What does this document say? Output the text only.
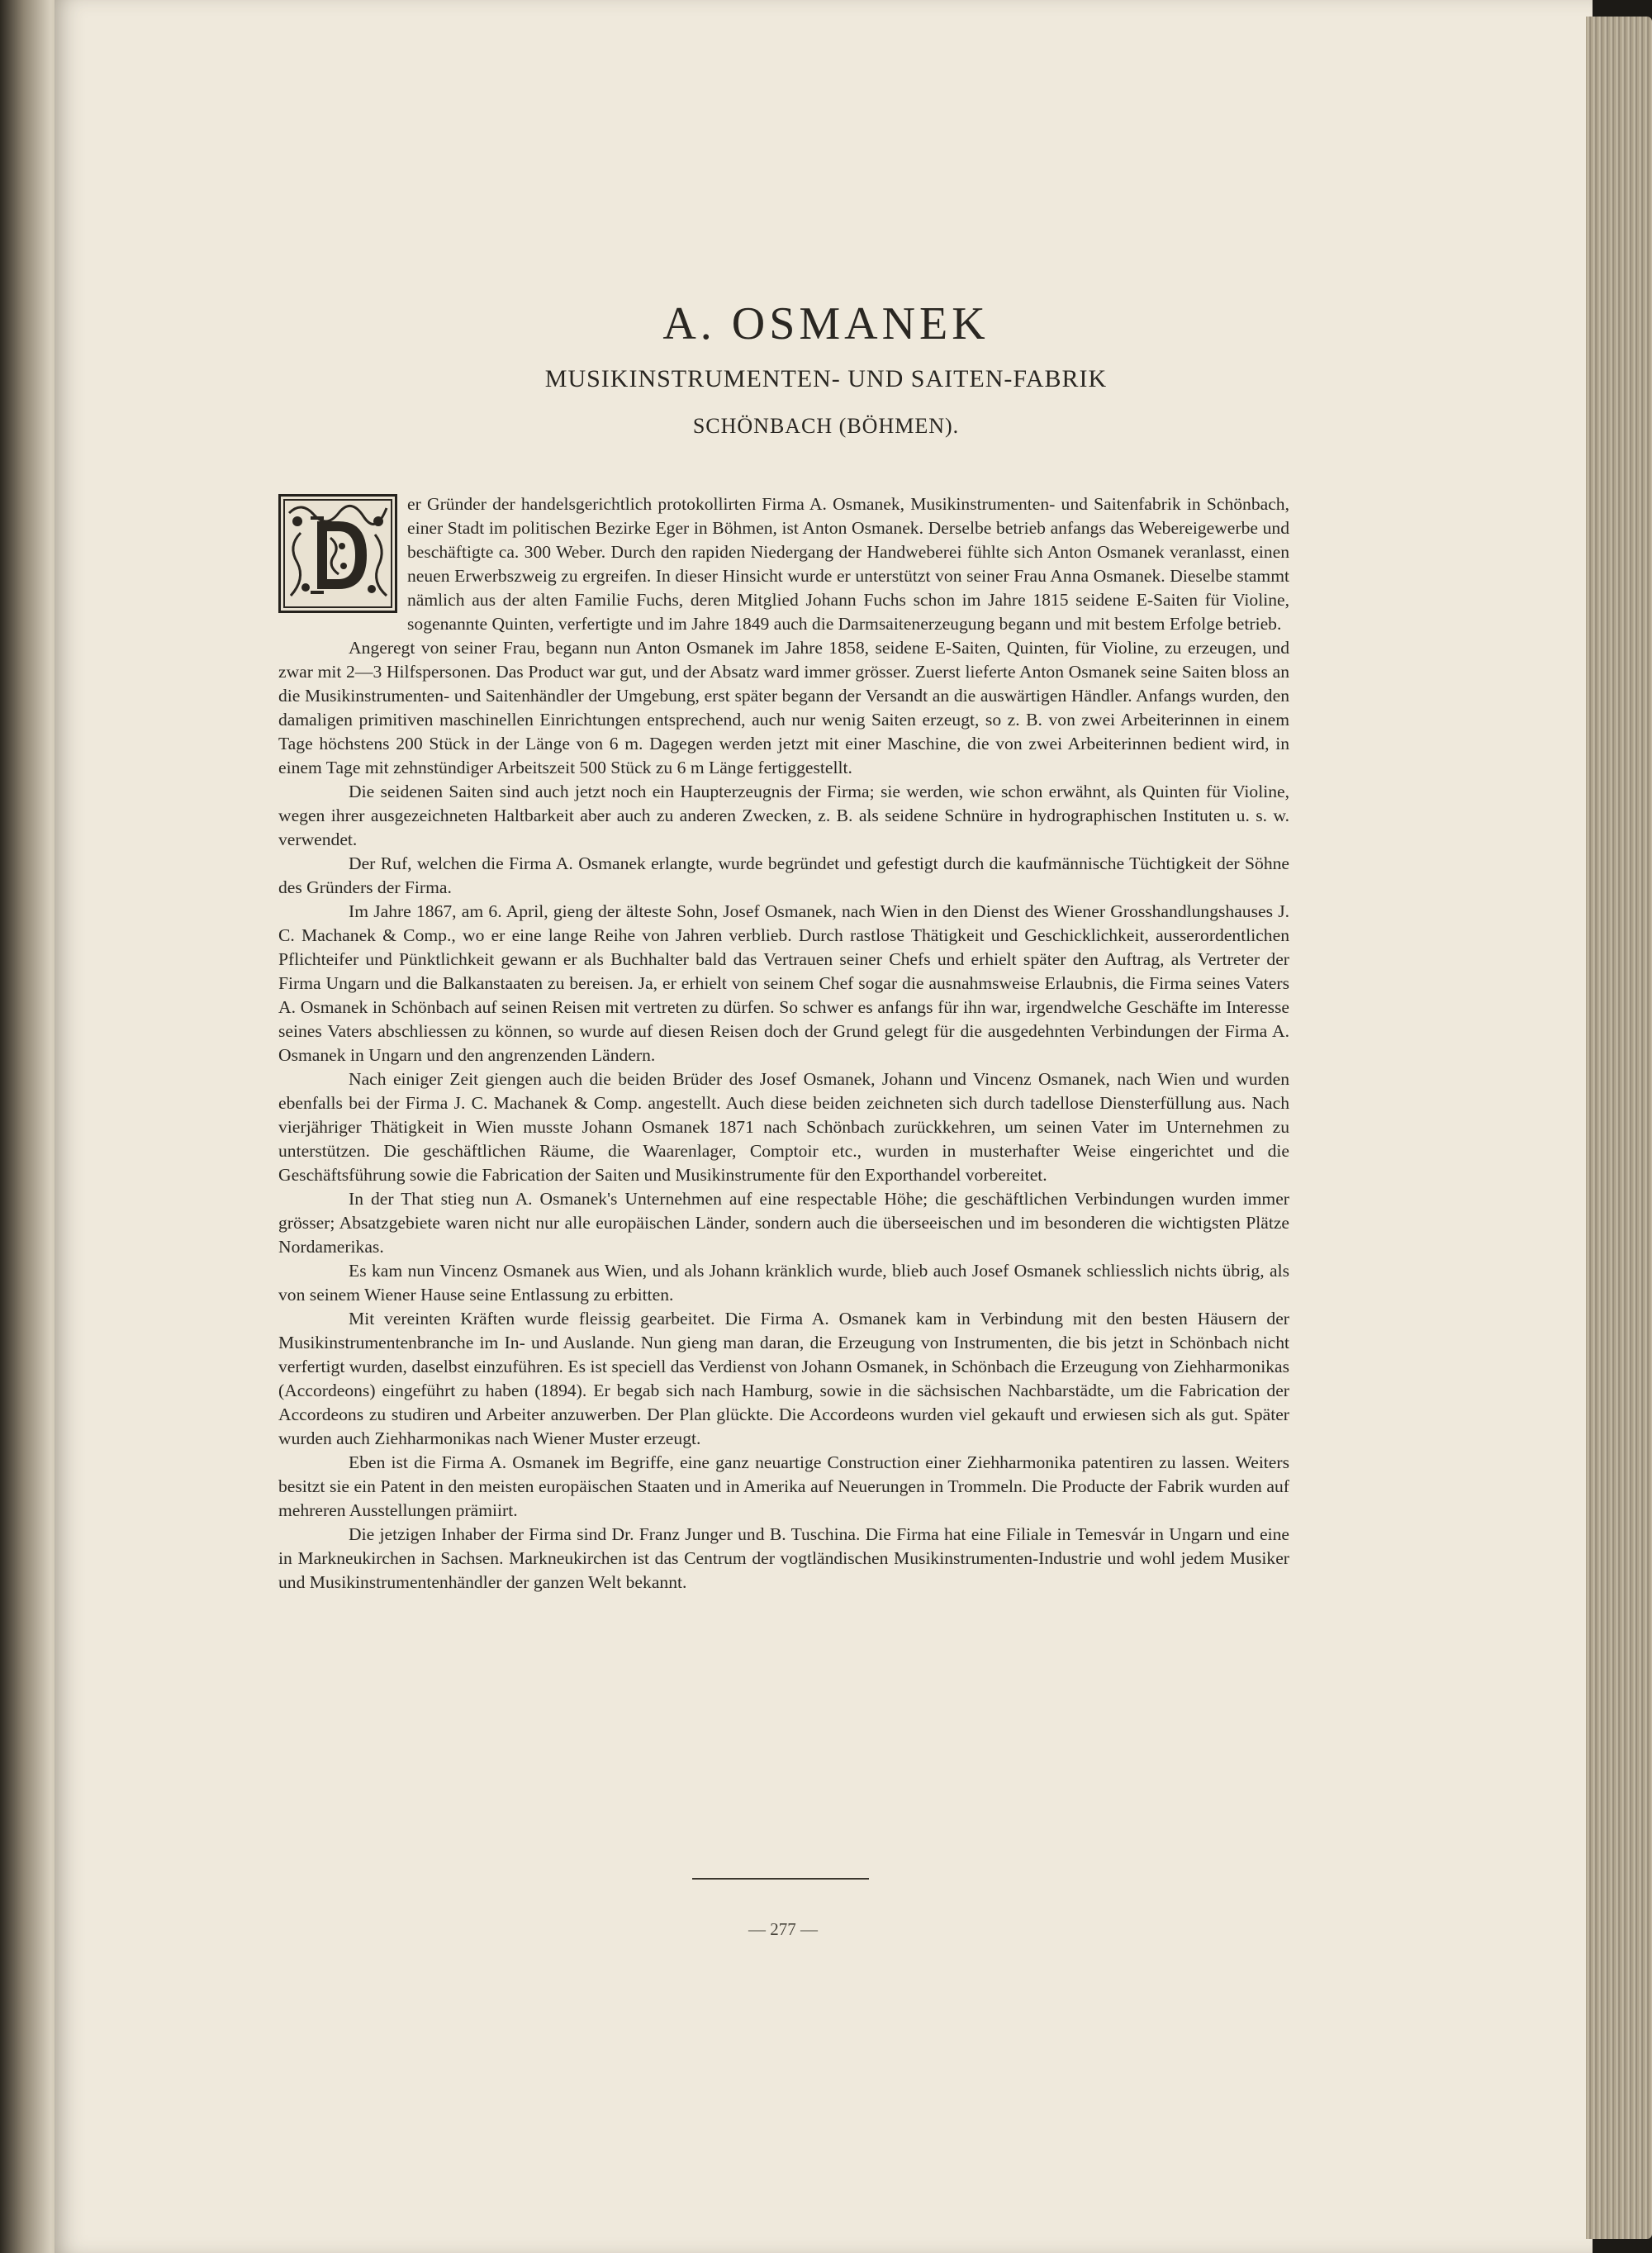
A. OSMANEK
MUSIKINSTRUMENTEN- UND SAITEN-FABRIK
SCHÖNBACH (BÖHMEN).

er Gründer der handelsgerichtlich protokollirten Firma A. Osmanek, Musikinstrumenten- und Saitenfabrik in Schönbach, einer Stadt im politischen Bezirke Eger in Böhmen, ist Anton Osmanek. Derselbe betrieb anfangs das Webereigewerbe und beschäftigte ca. 300 Weber. Durch den rapiden Niedergang der Handweberei fühlte sich Anton Osmanek veranlasst, einen neuen Erwerbszweig zu ergreifen. In dieser Hinsicht wurde er unterstützt von seiner Frau Anna Osmanek. Dieselbe stammt nämlich aus der alten Familie Fuchs, deren Mitglied Johann Fuchs schon im Jahre 1815 seidene E-Saiten für Violine, sogenannte Quinten, verfertigte und im Jahre 1849 auch die Darmsaitenerzeugung begann und mit bestem Erfolge betrieb.

Angeregt von seiner Frau, begann nun Anton Osmanek im Jahre 1858, seidene E-Saiten, Quinten, für Violine, zu erzeugen, und zwar mit 2—3 Hilfspersonen. Das Product war gut, und der Absatz ward immer grösser. Zuerst lieferte Anton Osmanek seine Saiten bloss an die Musikinstrumenten- und Saitenhändler der Umgebung, erst später begann der Versandt an die auswärtigen Händler. Anfangs wurden, den damaligen primitiven maschinellen Einrichtungen entsprechend, auch nur wenig Saiten erzeugt, so z. B. von zwei Arbeiterinnen in einem Tage höchstens 200 Stück in der Länge von 6 m. Dagegen werden jetzt mit einer Maschine, die von zwei Arbeiterinnen bedient wird, in einem Tage mit zehnstündiger Arbeitszeit 500 Stück zu 6 m Länge fertiggestellt.

Die seidenen Saiten sind auch jetzt noch ein Haupterzeugnis der Firma; sie werden, wie schon erwähnt, als Quinten für Violine, wegen ihrer ausgezeichneten Haltbarkeit aber auch zu anderen Zwecken, z. B. als seidene Schnüre in hydrographischen Instituten u. s. w. verwendet.

Der Ruf, welchen die Firma A. Osmanek erlangte, wurde begründet und gefestigt durch die kaufmännische Tüchtigkeit der Söhne des Gründers der Firma.

Im Jahre 1867, am 6. April, gieng der älteste Sohn, Josef Osmanek, nach Wien in den Dienst des Wiener Grosshandlungshauses J. C. Machanek & Comp., wo er eine lange Reihe von Jahren verblieb. Durch rastlose Thätigkeit und Geschicklichkeit, ausserordentlichen Pflichteifer und Pünktlichkeit gewann er als Buchhalter bald das Vertrauen seiner Chefs und erhielt später den Auftrag, als Vertreter der Firma Ungarn und die Balkanstaaten zu bereisen. Ja, er erhielt von seinem Chef sogar die ausnahmsweise Erlaubnis, die Firma seines Vaters A. Osmanek in Schönbach auf seinen Reisen mit vertreten zu dürfen. So schwer es anfangs für ihn war, irgendwelche Geschäfte im Interesse seines Vaters abschliessen zu können, so wurde auf diesen Reisen doch der Grund gelegt für die ausgedehnten Verbindungen der Firma A. Osmanek in Ungarn und den angrenzenden Ländern.

Nach einiger Zeit giengen auch die beiden Brüder des Josef Osmanek, Johann und Vincenz Osmanek, nach Wien und wurden ebenfalls bei der Firma J. C. Machanek & Comp. angestellt. Auch diese beiden zeichneten sich durch tadellose Diensterfüllung aus. Nach vierjähriger Thätigkeit in Wien musste Johann Osmanek 1871 nach Schönbach zurückkehren, um seinen Vater im Unternehmen zu unterstützen. Die geschäftlichen Räume, die Waarenlager, Comptoir etc., wurden in musterhafter Weise eingerichtet und die Geschäftsführung sowie die Fabrication der Saiten und Musikinstrumente für den Exporthandel vorbereitet.

In der That stieg nun A. Osmanek's Unternehmen auf eine respectable Höhe; die geschäftlichen Verbindungen wurden immer grösser; Absatzgebiete waren nicht nur alle europäischen Länder, sondern auch die überseeischen und im besonderen die wichtigsten Plätze Nordamerikas.

Es kam nun Vincenz Osmanek aus Wien, und als Johann kränklich wurde, blieb auch Josef Osmanek schliesslich nichts übrig, als von seinem Wiener Hause seine Entlassung zu erbitten.

Mit vereinten Kräften wurde fleissig gearbeitet. Die Firma A. Osmanek kam in Verbindung mit den besten Häusern der Musikinstrumentenbranche im In- und Auslande. Nun gieng man daran, die Erzeugung von Instrumenten, die bis jetzt in Schönbach nicht verfertigt wurden, daselbst einzuführen. Es ist speciell das Verdienst von Johann Osmanek, in Schönbach die Erzeugung von Ziehharmonikas (Accordeons) eingeführt zu haben (1894). Er begab sich nach Hamburg, sowie in die sächsischen Nachbarstädte, um die Fabrication der Accordeons zu studiren und Arbeiter anzuwerben. Der Plan glückte. Die Accordeons wurden viel gekauft und erwiesen sich als gut. Später wurden auch Ziehharmonikas nach Wiener Muster erzeugt.

Eben ist die Firma A. Osmanek im Begriffe, eine ganz neuartige Construction einer Ziehharmonika patentiren zu lassen. Weiters besitzt sie ein Patent in den meisten europäischen Staaten und in Amerika auf Neuerungen in Trommeln. Die Producte der Fabrik wurden auf mehreren Ausstellungen prämiirt.

Die jetzigen Inhaber der Firma sind Dr. Franz Junger und B. Tuschina. Die Firma hat eine Filiale in Temesvár in Ungarn und eine in Markneukirchen in Sachsen. Markneukirchen ist das Centrum der vogtländischen Musikinstrumenten-Industrie und wohl jedem Musiker und Musikinstrumentenhändler der ganzen Welt bekannt.

— 277 —
